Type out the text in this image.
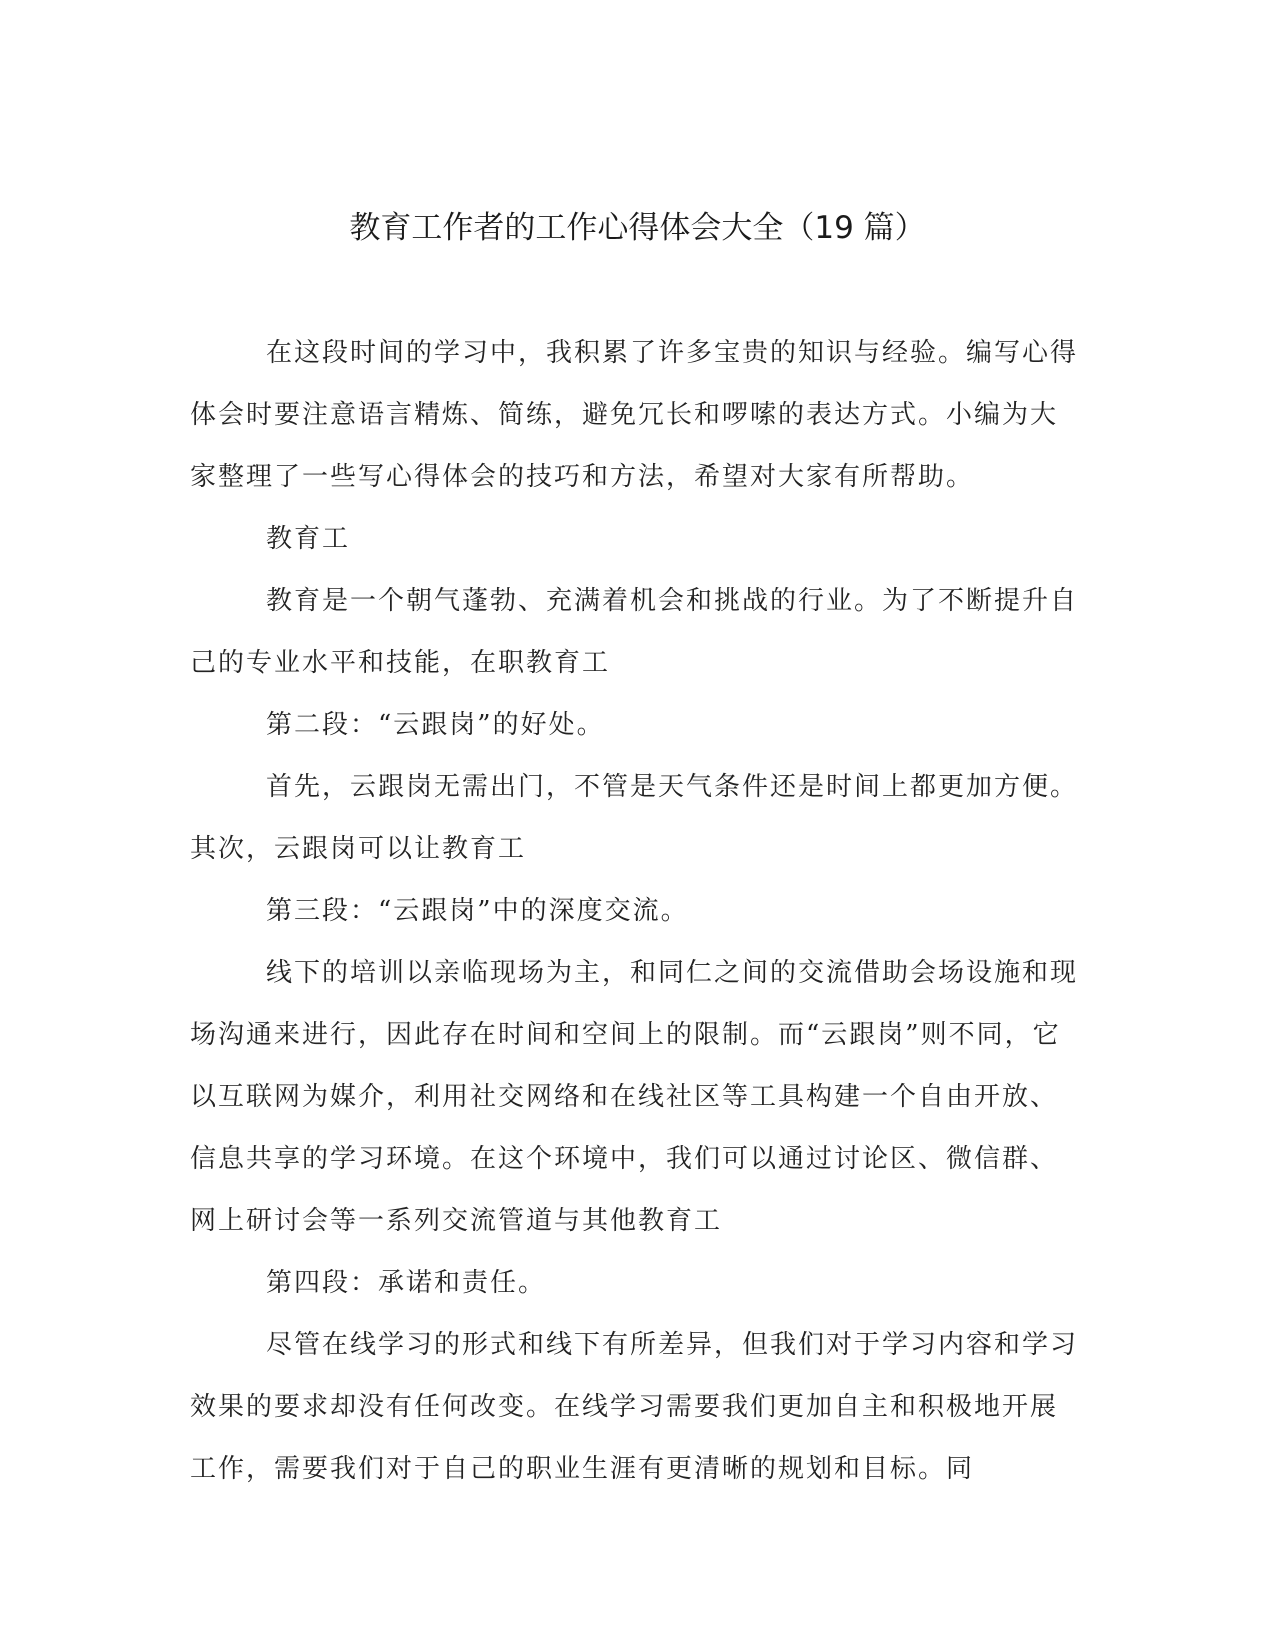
教育工作者的工作心得体会大全（19 篇）

在这段时间的学习中，我积累了许多宝贵的知识与经验。编写心得体会时要注意语言精炼、简练，避免冗长和啰嗦的表达方式。小编为大家整理了一些写心得体会的技巧和方法，希望对大家有所帮助。

教育工

教育是一个朝气蓬勃、充满着机会和挑战的行业。为了不断提升自己的专业水平和技能，在职教育工

第二段：“云跟岗”的好处。

首先，云跟岗无需出门，不管是天气条件还是时间上都更加方便。其次，云跟岗可以让教育工

第三段：“云跟岗”中的深度交流。

线下的培训以亲临现场为主，和同仁之间的交流借助会场设施和现场沟通来进行，因此存在时间和空间上的限制。而“云跟岗”则不同，它以互联网为媒介，利用社交网络和在线社区等工具构建一个自由开放、信息共享的学习环境。在这个环境中，我们可以通过讨论区、微信群、网上研讨会等一系列交流管道与其他教育工

第四段：承诺和责任。

尽管在线学习的形式和线下有所差异，但我们对于学习内容和学习效果的要求却没有任何改变。在线学习需要我们更加自主和积极地开展工作，需要我们对于自己的职业生涯有更清晰的规划和目标。同
